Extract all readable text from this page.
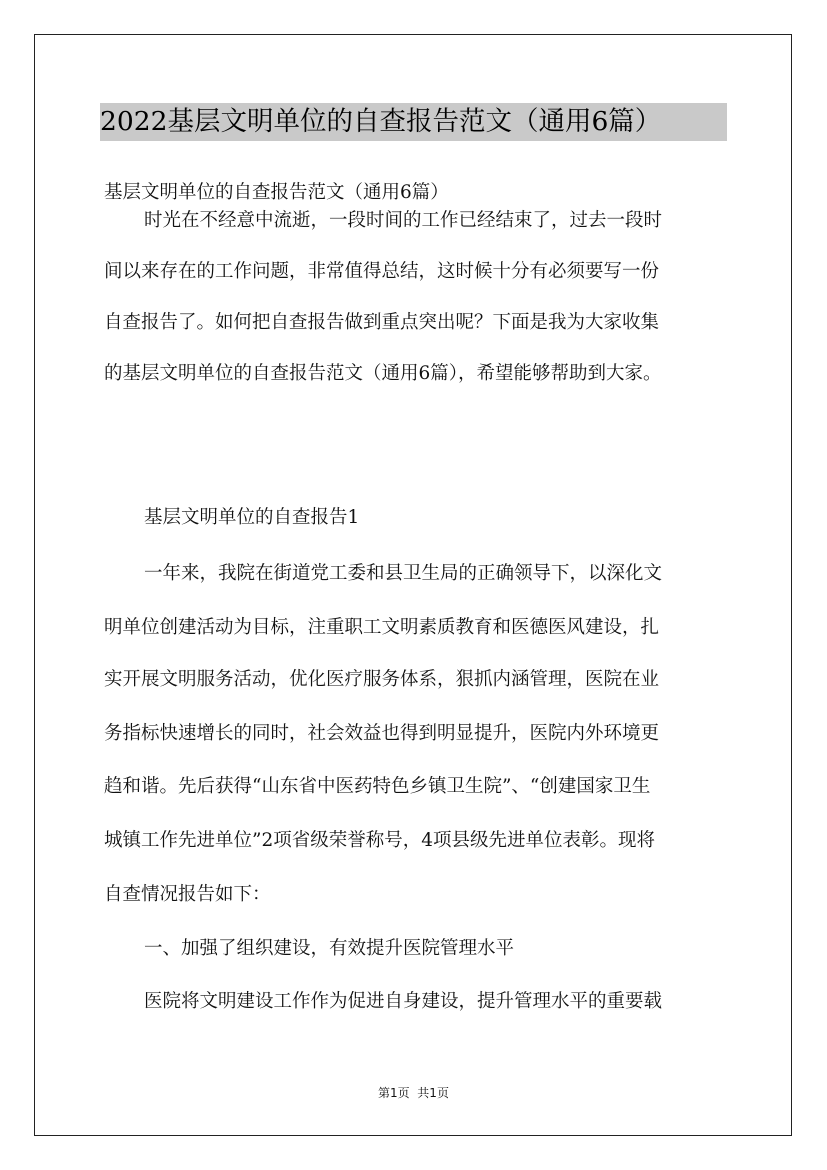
2022基层文明单位的自查报告范文（通用6篇）
基层文明单位的自查报告范文（通用6篇）
时光在不经意中流逝，一段时间的工作已经结束了，过去一段时
间以来存在的工作问题，非常值得总结，这时候十分有必须要写一份
自查报告了。如何把自查报告做到重点突出呢？下面是我为大家收集
的基层文明单位的自查报告范文（通用6篇），希望能够帮助到大家。
基层文明单位的自查报告1
一年来，我院在街道党工委和县卫生局的正确领导下，以深化文
明单位创建活动为目标，注重职工文明素质教育和医德医风建设，扎
实开展文明服务活动，优化医疗服务体系，狠抓内涵管理，医院在业
务指标快速增长的同时，社会效益也得到明显提升，医院内外环境更
趋和谐。先后获得“山东省中医药特色乡镇卫生院”、“创建国家卫生
城镇工作先进单位”2项省级荣誉称号，4项县级先进单位表彰。现将
自查情况报告如下：
一、加强了组织建设，有效提升医院管理水平
医院将文明建设工作作为促进自身建设，提升管理水平的重要载
第1页  共1页
